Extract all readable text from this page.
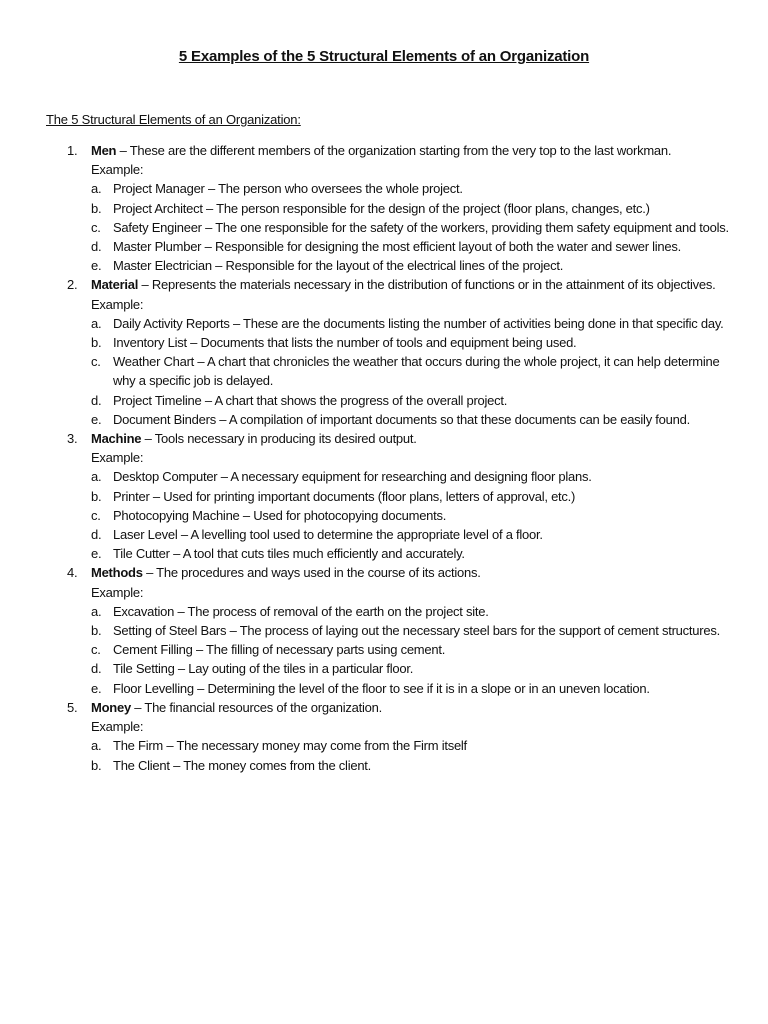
5 Examples of the 5 Structural Elements of an Organization

The 5 Structural Elements of an Organization:

1. Men – These are the different members of the organization starting from the very top to the last workman.
Example:
a. Project Manager – The person who oversees the whole project.
b. Project Architect – The person responsible for the design of the project (floor plans, changes, etc.)
c. Safety Engineer – The one responsible for the safety of the workers, providing them safety equipment and tools.
d. Master Plumber – Responsible for designing the most efficient layout of both the water and sewer lines.
e. Master Electrician – Responsible for the layout of the electrical lines of the project.
2. Material – Represents the materials necessary in the distribution of functions or in the attainment of its objectives.
Example:
a. Daily Activity Reports – These are the documents listing the number of activities being done in that specific day.
b. Inventory List – Documents that lists the number of tools and equipment being used.
c. Weather Chart – A chart that chronicles the weather that occurs during the whole project, it can help determine why a specific job is delayed.
d. Project Timeline – A chart that shows the progress of the overall project.
e. Document Binders – A compilation of important documents so that these documents can be easily found.
3. Machine – Tools necessary in producing its desired output.
Example:
a. Desktop Computer – A necessary equipment for researching and designing floor plans.
b. Printer – Used for printing important documents (floor plans, letters of approval, etc.)
c. Photocopying Machine – Used for photocopying documents.
d. Laser Level – A levelling tool used to determine the appropriate level of a floor.
e. Tile Cutter – A tool that cuts tiles much efficiently and accurately.
4. Methods – The procedures and ways used in the course of its actions.
Example:
a. Excavation – The process of removal of the earth on the project site.
b. Setting of Steel Bars – The process of laying out the necessary steel bars for the support of cement structures.
c. Cement Filling – The filling of necessary parts using cement.
d. Tile Setting – Lay outing of the tiles in a particular floor.
e. Floor Levelling – Determining the level of the floor to see if it is in a slope or in an uneven location.
5. Money – The financial resources of the organization.
Example:
a. The Firm – The necessary money may come from the Firm itself
b. The Client – The money comes from the client.
